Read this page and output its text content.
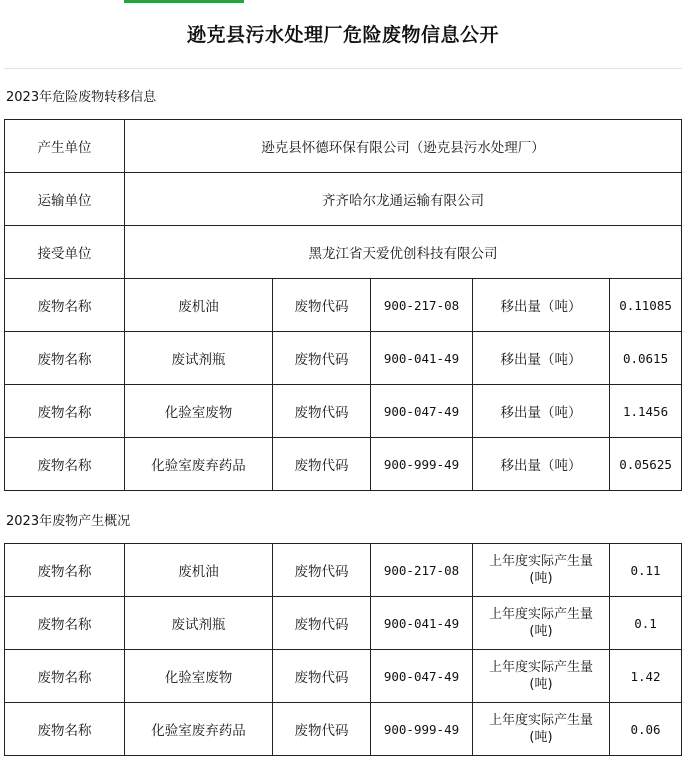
逊克县污水处理厂危险废物信息公开
2023年危险废物转移信息
产生单位	逊克县怀德环保有限公司（逊克县污水处理厂）				
运输单位	齐齐哈尔龙通运输有限公司				
接受单位	黑龙江省天爱优创科技有限公司				
废物名称	废机油	废物代码	900-217-08	移出量（吨）	0.11085
废物名称	废试剂瓶	废物代码	900-041-49	移出量（吨）	0.0615
废物名称	化验室废物	废物代码	900-047-49	移出量（吨）	1.1456
废物名称	化验室废弃药品	废物代码	900-999-49	移出量（吨）	0.05625
2023年废物产生概况
废物名称	废机油	废物代码	900-217-08	上年度实际产生量
(吨)	0.11
废物名称	废试剂瓶	废物代码	900-041-49	上年度实际产生量
(吨)	0.1
废物名称	化验室废物	废物代码	900-047-49	上年度实际产生量
(吨)	1.42
废物名称	化验室废弃药品	废物代码	900-999-49	上年度实际产生量
(吨)	0.06
